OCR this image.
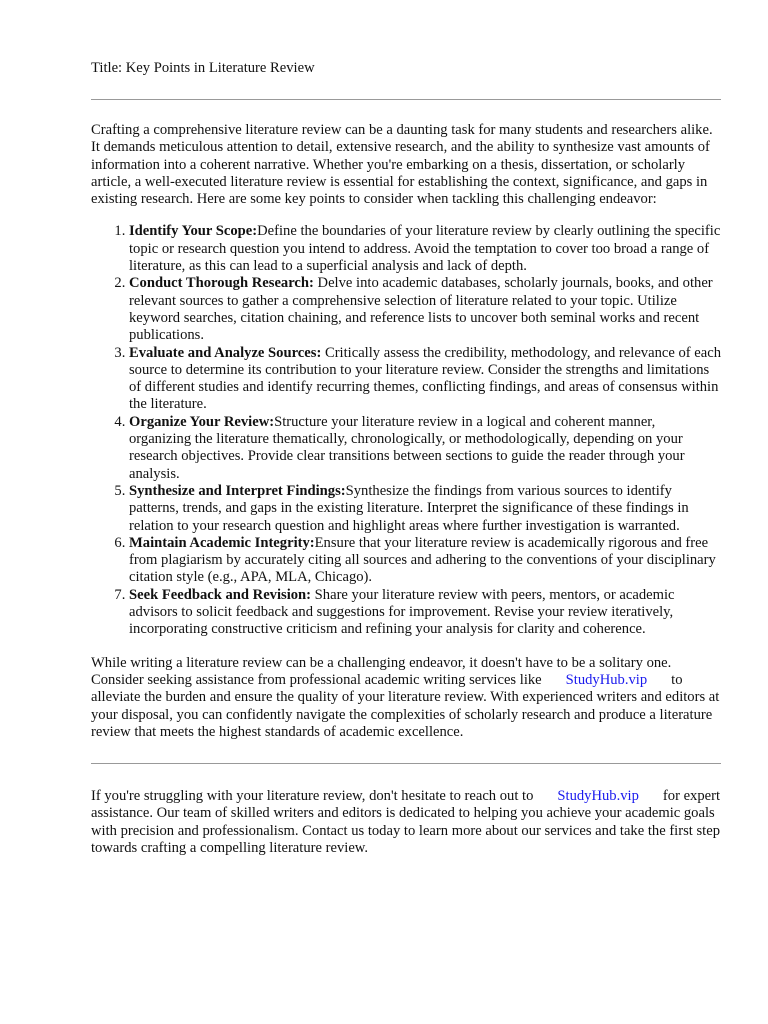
Title: Key Points in Literature Review

Crafting a comprehensive literature review can be a daunting task for many students and researchers alike. It demands meticulous attention to detail, extensive research, and the ability to synthesize vast amounts of information into a coherent narrative. Whether you're embarking on a thesis, dissertation, or scholarly article, a well-executed literature review is essential for establishing the context, significance, and gaps in existing research. Here are some key points to consider when tackling this challenging endeavor:

1. Identify Your Scope:Define the boundaries of your literature review by clearly outlining the specific topic or research question you intend to address. Avoid the temptation to cover too broad a range of literature, as this can lead to a superficial analysis and lack of depth.
2. Conduct Thorough Research: Delve into academic databases, scholarly journals, books, and other relevant sources to gather a comprehensive selection of literature related to your topic. Utilize keyword searches, citation chaining, and reference lists to uncover both seminal works and recent publications.
3. Evaluate and Analyze Sources: Critically assess the credibility, methodology, and relevance of each source to determine its contribution to your literature review. Consider the strengths and limitations of different studies and identify recurring themes, conflicting findings, and areas of consensus within the literature.
4. Organize Your Review:Structure your literature review in a logical and coherent manner, organizing the literature thematically, chronologically, or methodologically, depending on your research objectives. Provide clear transitions between sections to guide the reader through your analysis.
5. Synthesize and Interpret Findings:Synthesize the findings from various sources to identify patterns, trends, and gaps in the existing literature. Interpret the significance of these findings in relation to your research question and highlight areas where further investigation is warranted.
6. Maintain Academic Integrity:Ensure that your literature review is academically rigorous and free from plagiarism by accurately citing all sources and adhering to the conventions of your disciplinary citation style (e.g., APA, MLA, Chicago).
7. Seek Feedback and Revision: Share your literature review with peers, mentors, or academic advisors to solicit feedback and suggestions for improvement. Revise your review iteratively, incorporating constructive criticism and refining your analysis for clarity and coherence.

While writing a literature review can be a challenging endeavor, it doesn't have to be a solitary one. Consider seeking assistance from professional academic writing services like StudyHub.vip to alleviate the burden and ensure the quality of your literature review. With experienced writers and editors at your disposal, you can confidently navigate the complexities of scholarly research and produce a literature review that meets the highest standards of academic excellence.

If you're struggling with your literature review, don't hesitate to reach out to StudyHub.vip for expert assistance. Our team of skilled writers and editors is dedicated to helping you achieve your academic goals with precision and professionalism. Contact us today to learn more about our services and take the first step towards crafting a compelling literature review.
